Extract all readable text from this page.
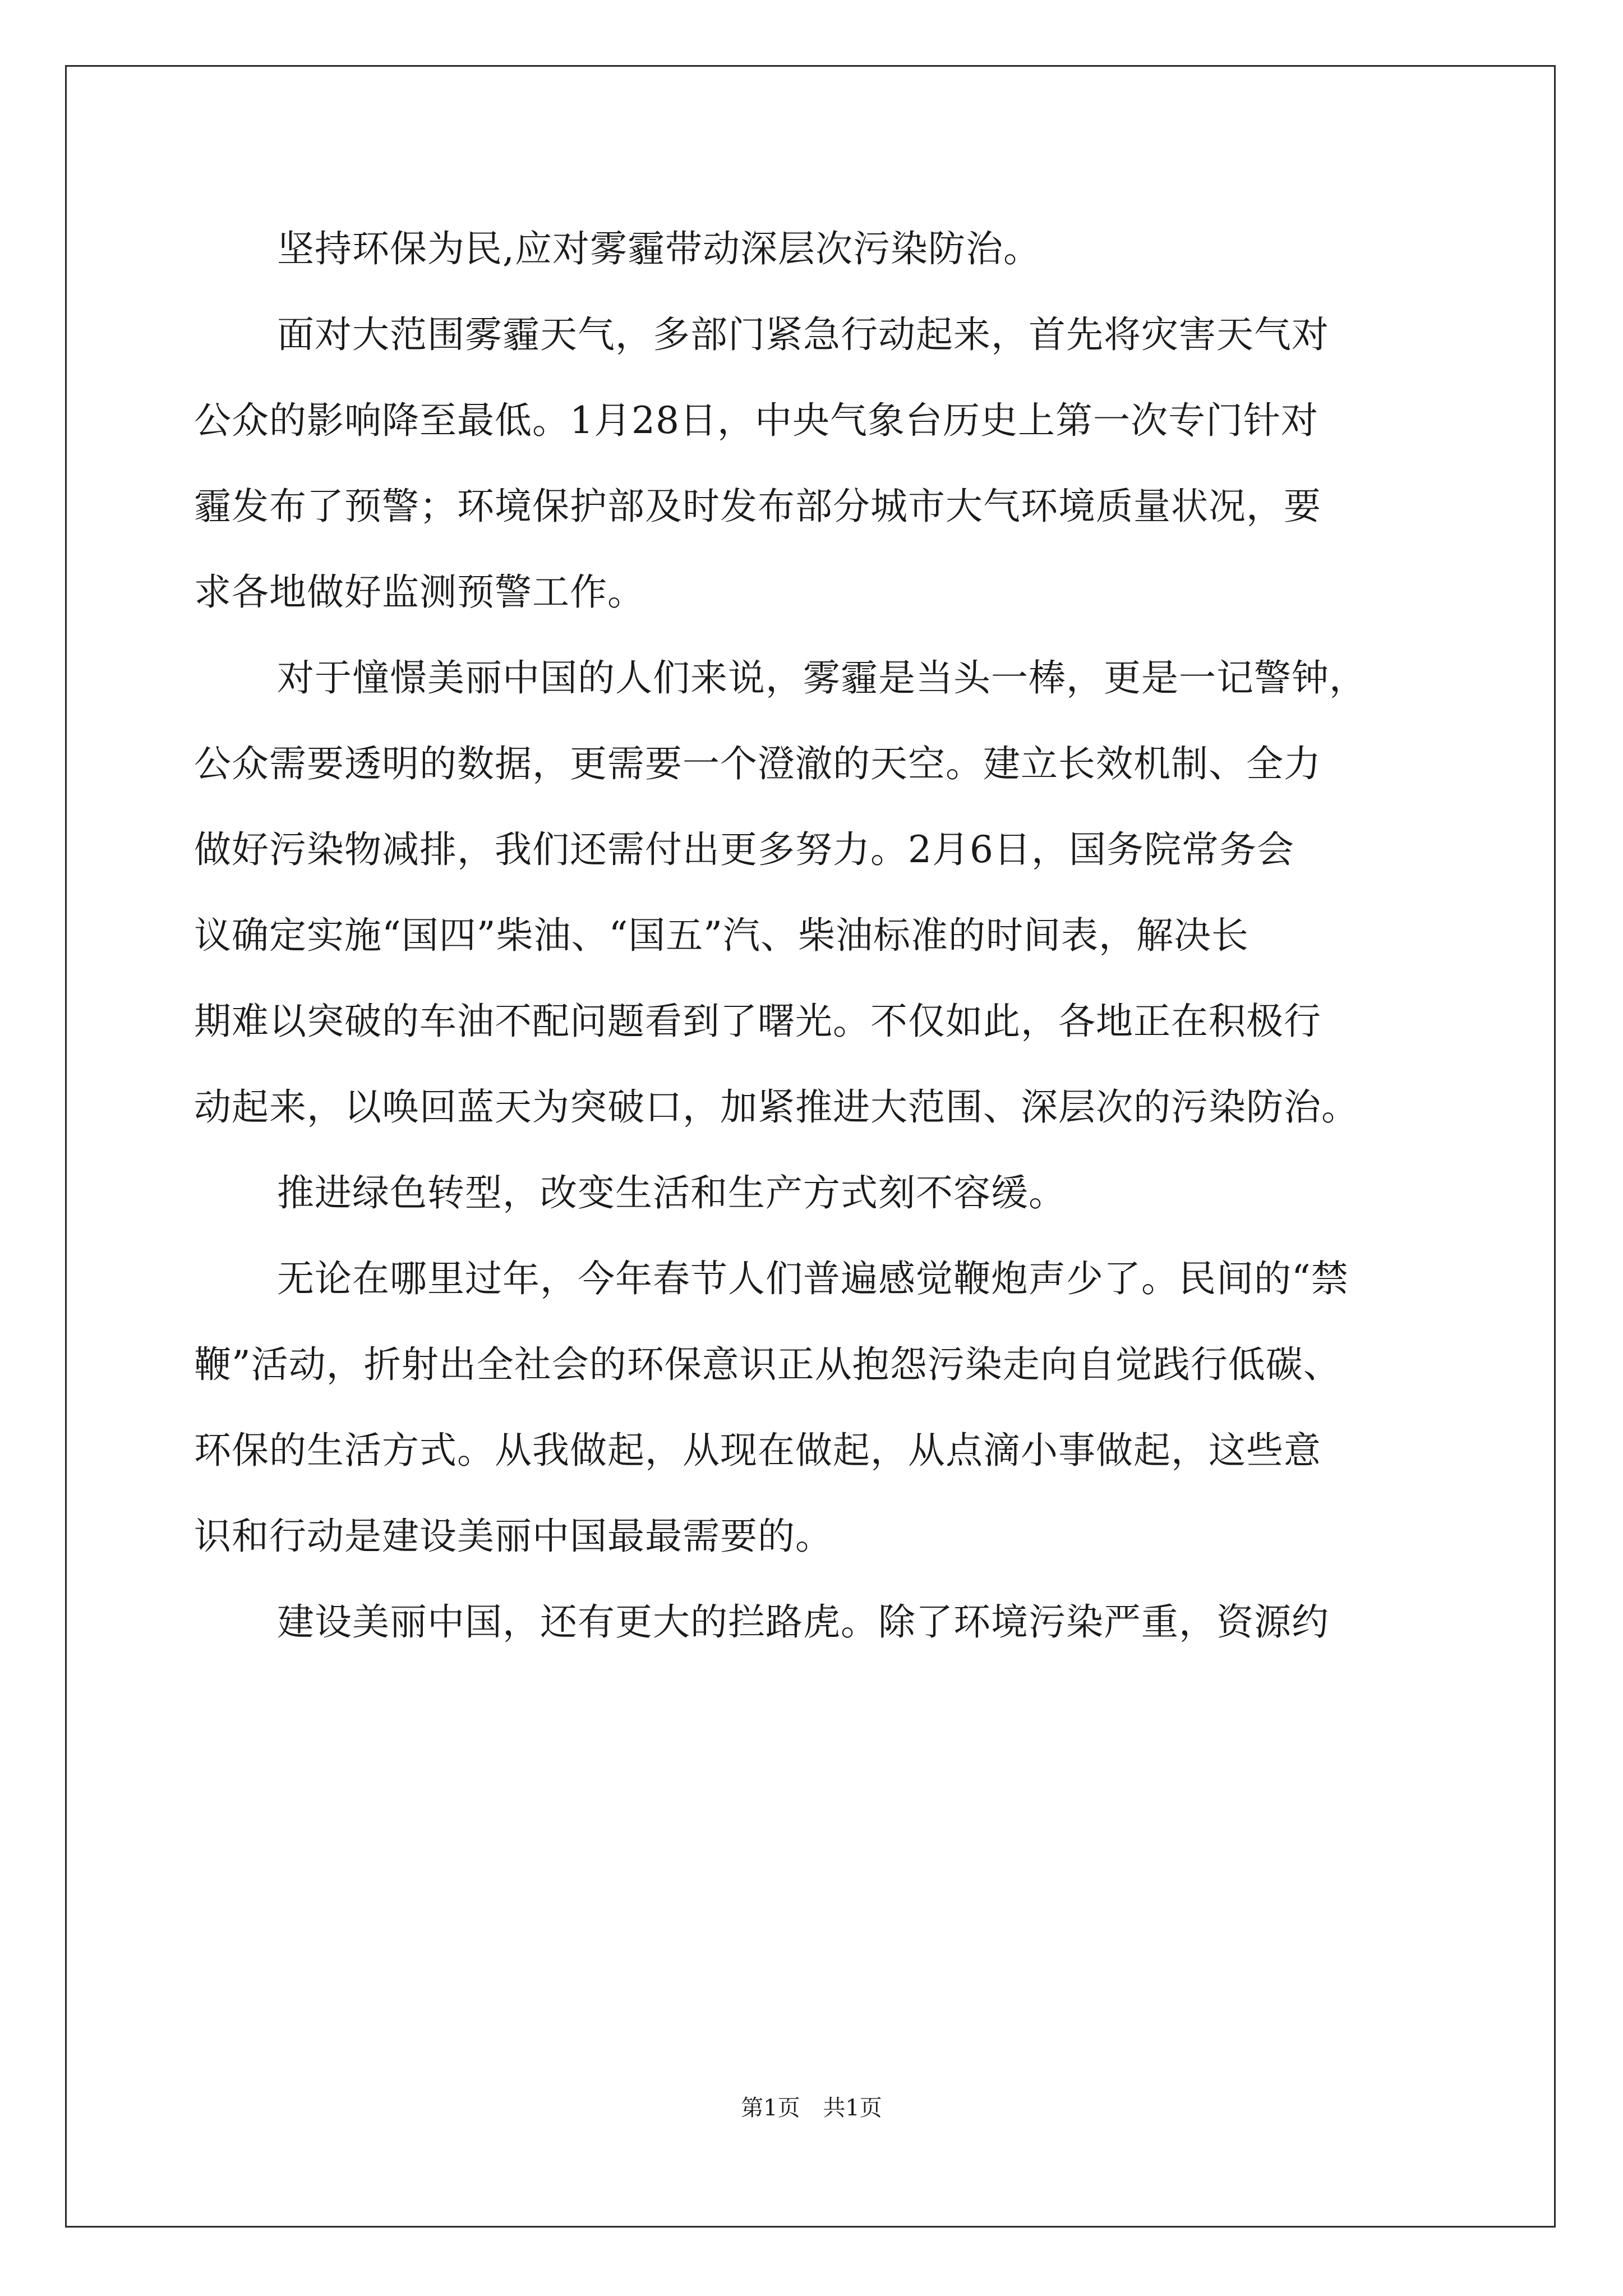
坚持环保为民,应对雾霾带动深层次污染防治。
面对大范围雾霾天气，多部门紧急行动起来，首先将灾害天气对
公众的影响降至最低。1月28日，中央气象台历史上第一次专门针对
霾发布了预警；环境保护部及时发布部分城市大气环境质量状况，要
求各地做好监测预警工作。
对于憧憬美丽中国的人们来说，雾霾是当头一棒，更是一记警钟，
公众需要透明的数据，更需要一个澄澈的天空。建立长效机制、全力
做好污染物减排，我们还需付出更多努力。2月6日，国务院常务会
议确定实施“国四”柴油、“国五”汽、柴油标准的时间表，解决长
期难以突破的车油不配问题看到了曙光。不仅如此，各地正在积极行
动起来，以唤回蓝天为突破口，加紧推进大范围、深层次的污染防治。
推进绿色转型，改变生活和生产方式刻不容缓。
无论在哪里过年，今年春节人们普遍感觉鞭炮声少了。民间的“禁
鞭”活动，折射出全社会的环保意识正从抱怨污染走向自觉践行低碳、
环保的生活方式。从我做起，从现在做起，从点滴小事做起，这些意
识和行动是建设美丽中国最最需要的。
建设美丽中国，还有更大的拦路虎。除了环境污染严重，资源约
第1页 共1页
